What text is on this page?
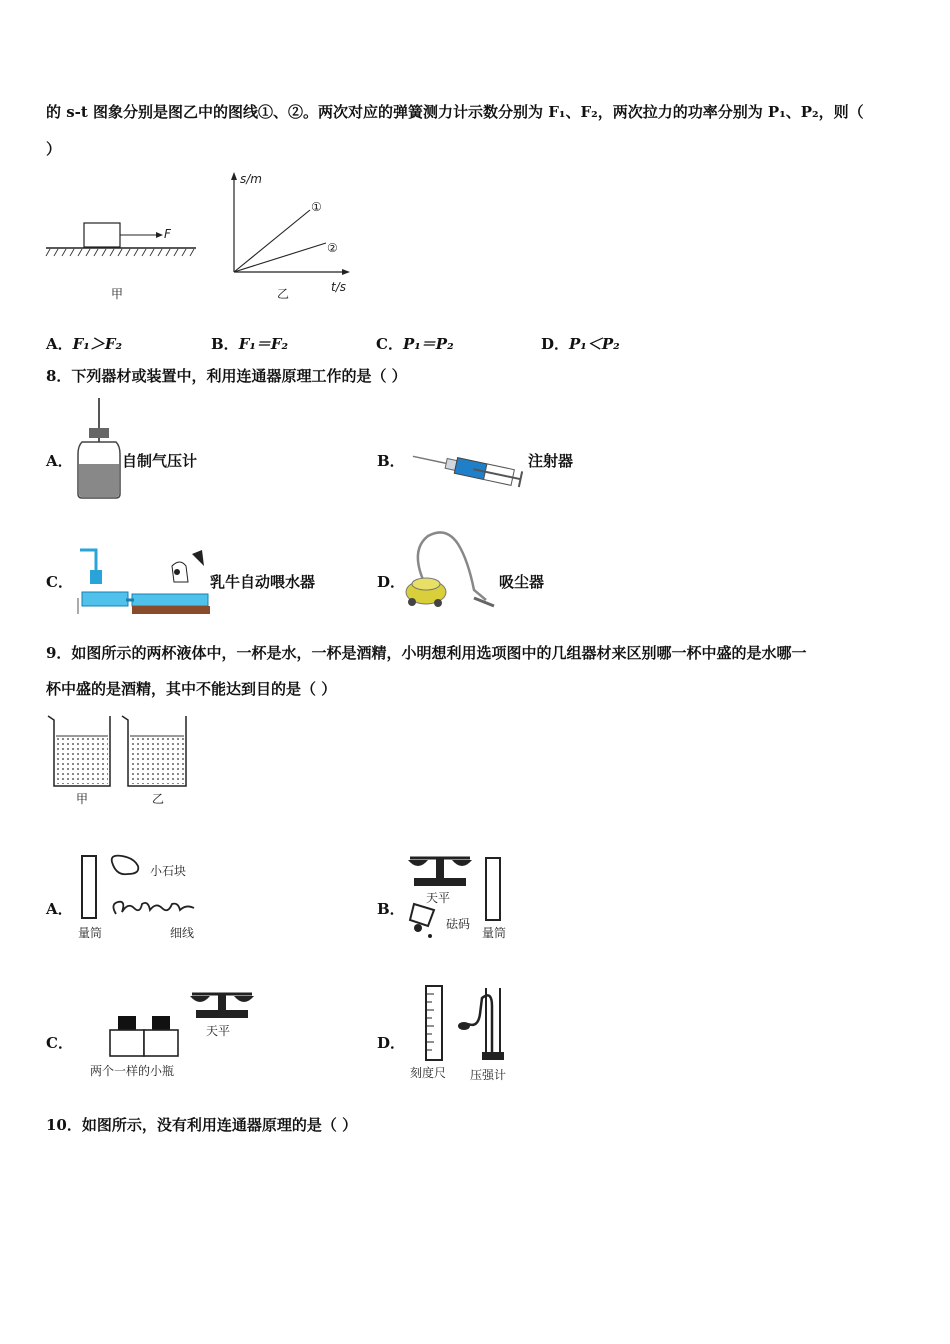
的 s-t 图象分别是图乙中的图线①、②。两次对应的弹簧测力计示数分别为 F₁、F₂，两次拉力的功率分别为 P₁、P₂，则（
）
F
甲
s/m
t/s
①
②
乙
A．F₁＞F₂	B．F₁＝F₂	C．P₁＝P₂	D．P₁＜P₂
8．下列器材或装置中，利用连通器原理工作的是（ ）
A．	自制气压计	B．	注射器
C．	乳牛自动喂水器	D．	吸尘器
9．如图所示的两杯液体中，一杯是水，一杯是酒精，小明想利用选项图中的几组器材来区别哪一杯中盛的是水哪一
杯中盛的是酒精，其中不能达到目的是（ ）
甲	乙
A．
小石块
量筒	细线
B．
天平
砝码
量筒
C．
天平
两个一样的小瓶
D．
刻度尺 压强计
10．如图所示，没有利用连通器原理的是（ ）
